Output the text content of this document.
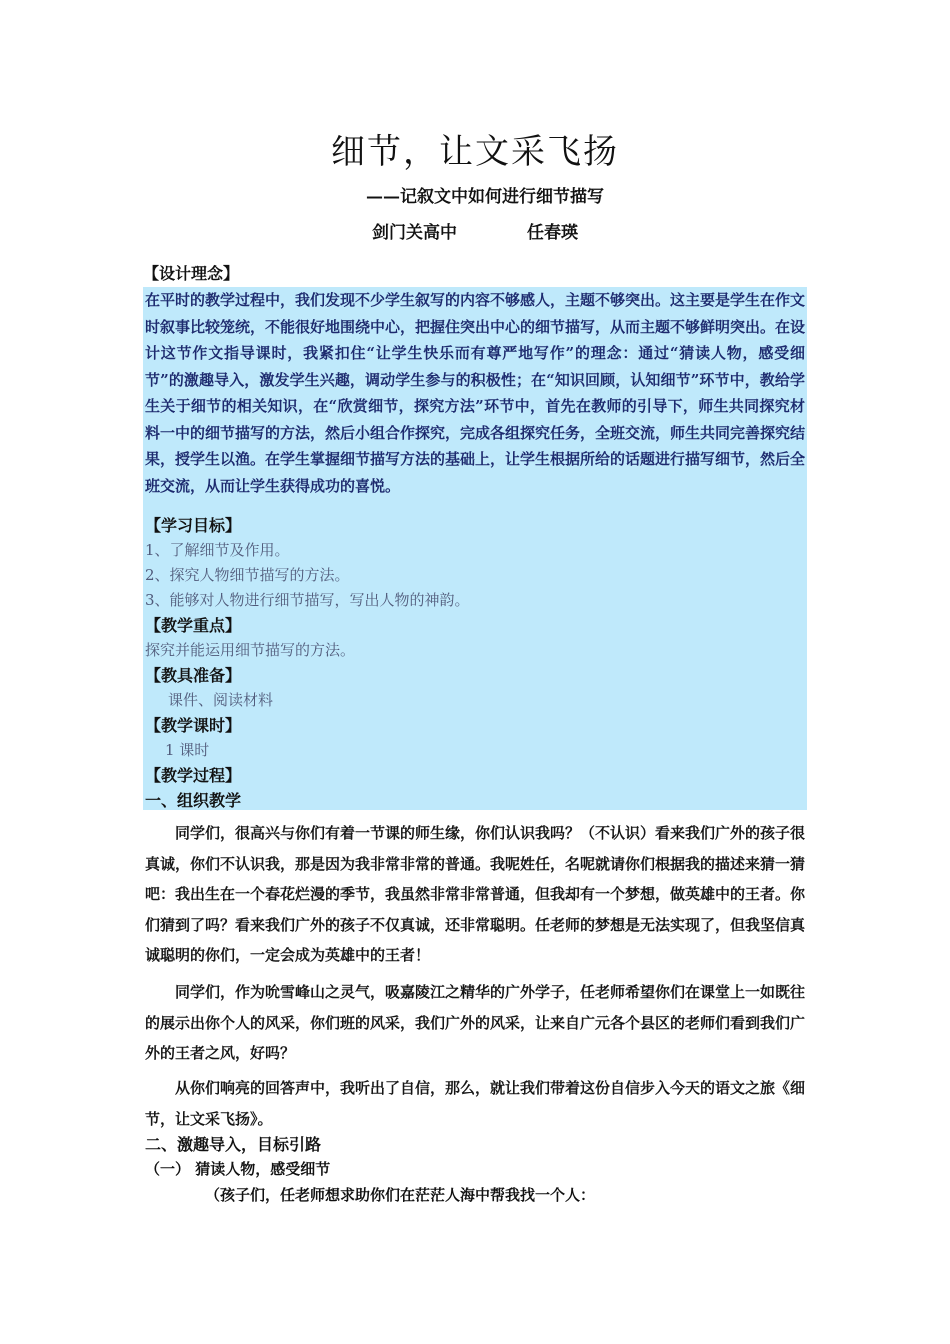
细节，让文采飞扬
——记叙文中如何进行细节描写
剑门关高中	任春瑛
【设计理念】
在平时的教学过程中，我们发现不少学生叙写的内容不够感人，主题不够突出。这主要是学生在作文时叙事比较笼统，不能很好地围绕中心，把握住突出中心的细节描写，从而主题不够鲜明突出。在设计这节作文指导课时，我紧扣住“让学生快乐而有尊严地写作”的理念：通过“猜读人物，感受细节”的激趣导入，激发学生兴趣，调动学生参与的积极性；在“知识回顾，认知细节”环节中，教给学生关于细节的相关知识，在“欣赏细节，探究方法”环节中，首先在教师的引导下，师生共同探究材料一中的细节描写的方法，然后小组合作探究，完成各组探究任务，全班交流，师生共同完善探究结果，授学生以渔。在学生掌握细节描写方法的基础上，让学生根据所给的话题进行描写细节，然后全班交流，从而让学生获得成功的喜悦。
【学习目标】
1、了解细节及作用。
2、探究人物细节描写的方法。
3、能够对人物进行细节描写，写出人物的神韵。
【教学重点】
探究并能运用细节描写的方法。
【教具准备】
课件、阅读材料
【教学课时】
1 课时
【教学过程】
一、组织教学
同学们，很高兴与你们有着一节课的师生缘，你们认识我吗？（不认识）看来我们广外的孩子很真诚，你们不认识我，那是因为我非常非常的普通。我呢姓任，名呢就请你们根据我的描述来猜一猜吧：我出生在一个春花烂漫的季节，我虽然非常非常普通，但我却有一个梦想，做英雄中的王者。你们猜到了吗？看来我们广外的孩子不仅真诚，还非常聪明。任老师的梦想是无法实现了，但我坚信真诚聪明的你们，一定会成为英雄中的王者！
同学们，作为吮雪峰山之灵气，吸嘉陵江之精华的广外学子，任老师希望你们在课堂上一如既往的展示出你个人的风采，你们班的风采，我们广外的风采，让来自广元各个县区的老师们看到我们广外的王者之风，好吗？
从你们响亮的回答声中，我听出了自信，那么，就让我们带着这份自信步入今天的语文之旅《细节，让文采飞扬》。
二、激趣导入，目标引路
（一） 猜读人物，感受细节
（孩子们，任老师想求助你们在茫茫人海中帮我找一个人：
